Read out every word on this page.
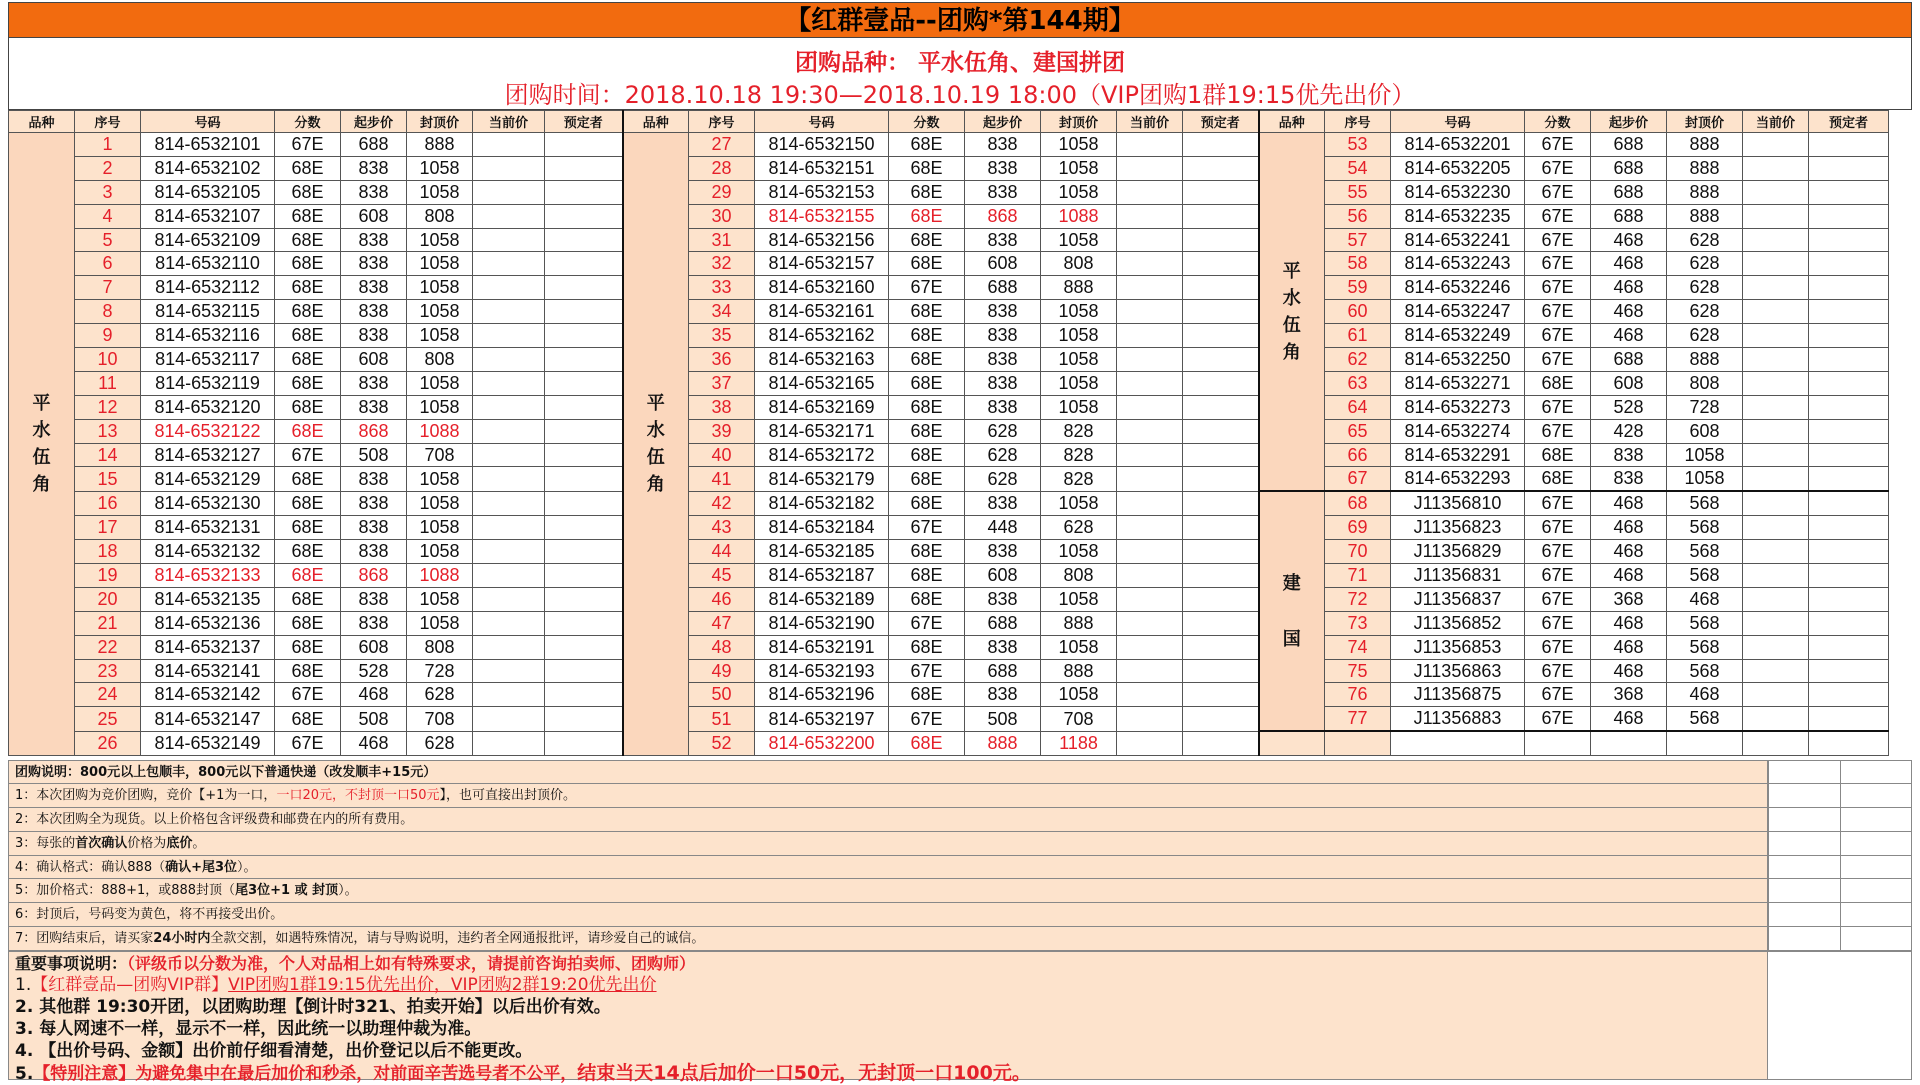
【红群壹品--团购*第144期】
团购品种： 平水伍角、建国拼团
团购时间：2018.10.18 19:30—2018.10.19 18:00（VIP团购1群19:15优先出价）
品种	序号	号码	分数	起步价	封顶价	当前价	预定者	品种	序号	号码	分数	起步价	封顶价	当前价	预定者	品种	序号	号码	分数	起步价	封顶价	当前价	预定者
平水伍角	1	814-6532101	67E	688	888			平水伍角	27	814-6532150	68E	838	1058			平水伍角	53	814-6532201	67E	688	888		
	2	814-6532102	68E	838	1058				28	814-6532151	68E	838	1058				54	814-6532205	67E	688	888		
	3	814-6532105	68E	838	1058				29	814-6532153	68E	838	1058				55	814-6532230	67E	688	888		
	4	814-6532107	68E	608	808				30	814-6532155	68E	868	1088				56	814-6532235	67E	688	888		
	5	814-6532109	68E	838	1058				31	814-6532156	68E	838	1058				57	814-6532241	67E	468	628		
	6	814-6532110	68E	838	1058				32	814-6532157	68E	608	808				58	814-6532243	67E	468	628		
	7	814-6532112	68E	838	1058				33	814-6532160	67E	688	888				59	814-6532246	67E	468	628		
	8	814-6532115	68E	838	1058				34	814-6532161	68E	838	1058				60	814-6532247	67E	468	628		
	9	814-6532116	68E	838	1058				35	814-6532162	68E	838	1058				61	814-6532249	67E	468	628		
	10	814-6532117	68E	608	808				36	814-6532163	68E	838	1058				62	814-6532250	67E	688	888		
	11	814-6532119	68E	838	1058				37	814-6532165	68E	838	1058				63	814-6532271	68E	608	808		
	12	814-6532120	68E	838	1058				38	814-6532169	68E	838	1058				64	814-6532273	67E	528	728		
	13	814-6532122	68E	868	1088				39	814-6532171	68E	628	828				65	814-6532274	67E	428	608		
	14	814-6532127	67E	508	708				40	814-6532172	68E	628	828				66	814-6532291	68E	838	1058		
	15	814-6532129	68E	838	1058				41	814-6532179	68E	628	828				67	814-6532293	68E	838	1058		
	16	814-6532130	68E	838	1058				42	814-6532182	68E	838	1058			建国	68	J11356810	67E	468	568		
	17	814-6532131	68E	838	1058				43	814-6532184	67E	448	628				69	J11356823	67E	468	568		
	18	814-6532132	68E	838	1058				44	814-6532185	68E	838	1058				70	J11356829	67E	468	568		
	19	814-6532133	68E	868	1088				45	814-6532187	68E	608	808				71	J11356831	67E	468	568		
	20	814-6532135	68E	838	1058				46	814-6532189	68E	838	1058				72	J11356837	67E	368	468		
	21	814-6532136	68E	838	1058				47	814-6532190	67E	688	888				73	J11356852	67E	468	568		
	22	814-6532137	68E	608	808				48	814-6532191	68E	838	1058				74	J11356853	67E	468	568		
	23	814-6532141	68E	528	728				49	814-6532193	67E	688	888				75	J11356863	67E	468	568		
	24	814-6532142	67E	468	628				50	814-6532196	68E	838	1058				76	J11356875	67E	368	468		
	25	814-6532147	68E	508	708				51	814-6532197	67E	508	708				77	J11356883	67E	468	568		
	26	814-6532149	67E	468	628				52	814-6532200	68E	888	1188										
团购说明：800元以上包顺丰，800元以下普通快递（改发顺丰+15元）
1：本次团购为竞价团购，竞价【+1为一口，一口20元，不封顶一口50元】，也可直接出封顶价。
2：本次团购全为现货。以上价格包含评级费和邮费在内的所有费用。
3：每张的首次确认价格为底价。
4：确认格式：确认888（确认+尾3位）。
5：加价格式：888+1，或888封顶（尾3位+1 或 封顶）。
6：封顶后，号码变为黄色，将不再接受出价。
7：团购结束后，请买家24小时内全款交割，如遇特殊情况，请与导购说明，违约者全网通报批评，请珍爱自己的诚信。
重要事项说明：（评级币以分数为准，个人对品相上如有特殊要求，请提前咨询拍卖师、团购师）
1.【红群壹品—团购VIP群】VIP团购1群19:15优先出价，VIP团购2群19:20优先出价
2. 其他群 19:30开团，以团购助理【倒计时321、拍卖开始】以后出价有效。
3. 每人网速不一样，显示不一样，因此统一以助理仲裁为准。
4. 【出价号码、金额】出价前仔细看清楚，出价登记以后不能更改。
5.【特别注意】为避免集中在最后加价和秒杀，对前面辛苦选号者不公平，结束当天14点后加价一口50元，无封顶一口100元。
